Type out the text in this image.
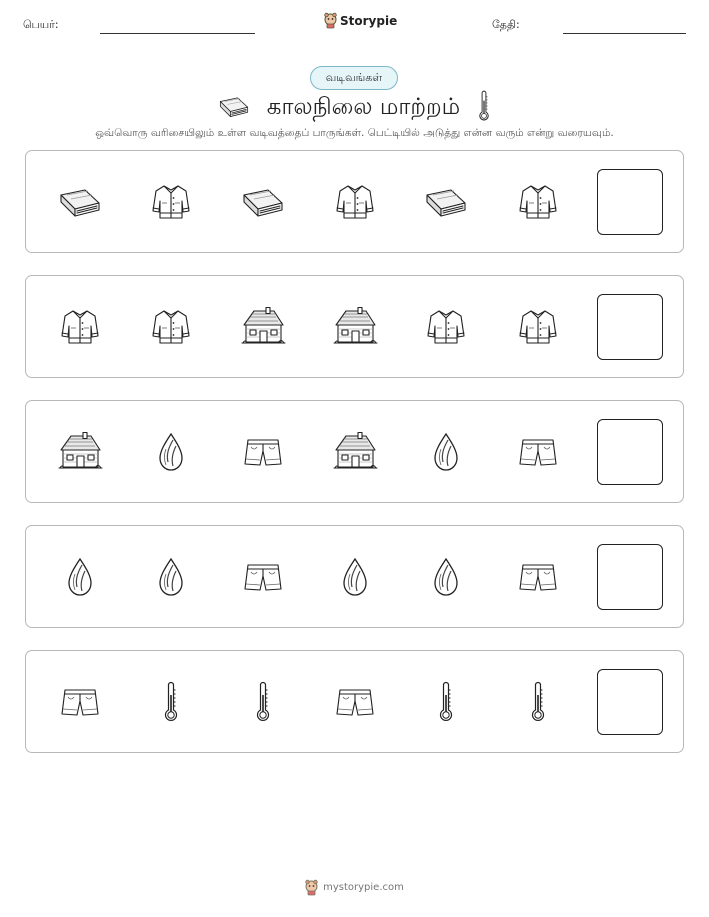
பெயர்:	Storypie	தேதி:
வடிவங்கள்
காலநிலை மாற்றம்
ஒவ்வொரு வரிசையிலும் உள்ள வடிவத்தைப் பாருங்கள். பெட்டியில் அடுத்து என்ன வரும் என்று வரையவும்.
mystorypie.com
